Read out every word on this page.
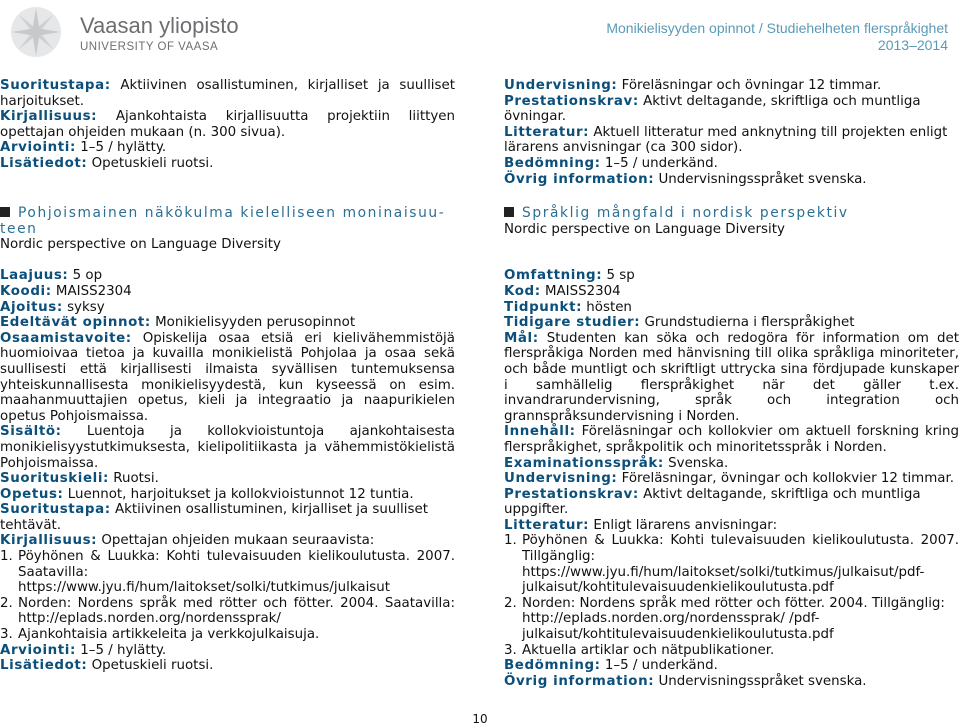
Vaasan yliopisto
UNIVERSITY OF VAASA
Monikielisyyden opinnot / Studiehelheten flerspråkighet
2013–2014

Suoritustapa: Aktiivinen osallistuminen, kirjalliset ja suulliset harjoitukset.

Kirjallisuus: Ajankohtaista kirjallisuutta projektiin liittyen opettajan ohjeiden mukaan (n. 300 sivua).

Arviointi: 1–5 / hylätty.

Lisätiedot: Opetuskieli ruotsi.

Undervisning: Föreläsningar och övningar 12 timmar.

Prestationskrav: Aktivt deltagande, skriftliga och muntliga övningar.

Litteratur: Aktuell litteratur med anknytning till projekten enligt lärarens anvisningar (ca 300 sidor).

Bedömning: 1–5 / underkänd.

Övrig information: Undervisningsspråket svenska.

Pohjoismainen näkökulma kielelliseen moninaisuu-teen

Nordic perspective on Language Diversity

Laajuus: 5 op

Koodi: MAISS2304

Ajoitus: syksy

Edeltävät opinnot: Monikielisyyden perusopinnot

Osaamistavoite: Opiskelija osaa etsiä eri kielivähemmistöjä huomioivaa tietoa ja kuvailla monikielistä Pohjolaa ja osaa sekä suullisesti että kirjallisesti ilmaista syvällisen tuntemuksensa yhteiskunnallisesta monikielisyydestä, kun kyseessä on esim. maahanmuuttajien opetus, kieli ja integraatio ja naapurikielen opetus Pohjoismaissa.

Sisältö: Luentoja ja kollokvioistuntoja ajankohtaisesta monikielisyystutkimuksesta, kielipolitiikasta ja vähemmistökielistä Pohjoismaissa.

Suorituskieli: Ruotsi.

Opetus: Luennot, harjoitukset ja kollokvioistunnot 12 tuntia.

Suoritustapa: Aktiivinen osallistuminen, kirjalliset ja suulliset tehtävät.

Kirjallisuus: Opettajan ohjeiden mukaan seuraavista:

1. Pöyhönen & Luukka: Kohti tulevaisuuden kielikoulutusta. 2007. Saatavilla: https://www.jyu.fi/hum/laitokset/solki/tutkimus/julkaisut
2. Norden: Nordens språk med rötter och fötter. 2004. Saatavilla: http://eplads.norden.org/nordenssprak/
3. Ajankohtaisia artikkeleita ja verkkojulkaisuja.

Arviointi: 1–5 / hylätty.

Lisätiedot: Opetuskieli ruotsi.

Språklig mångfald i nordisk perspektiv

Nordic perspective on Language Diversity

Omfattning: 5 sp

Kod: MAISS2304

Tidpunkt: hösten

Tidigare studier: Grundstudierna i flerspråkighet

Mål: Studenten kan söka och redogöra för information om det flerspråkiga Norden med hänvisning till olika språkliga minoriteter, och både muntligt och skriftligt uttrycka sina fördjupade kunskaper i samhällelig flerspråkighet när det gäller t.ex. invandrarundervisning, språk och integration och grannspråksundervisning i Norden.

Innehåll: Föreläsningar och kollokvier om aktuell forskning kring flerspråkighet, språkpolitik och minoritetsspråk i Norden.

Examinationsspråk: Svenska.

Undervisning: Föreläsningar, övningar och kollokvier 12 timmar.

Prestationskrav: Aktivt deltagande, skriftliga och muntliga uppgifter.

Litteratur: Enligt lärarens anvisningar:

1. Pöyhönen & Luukka: Kohti tulevaisuuden kielikoulutusta. 2007. Tillgänglig: https://www.jyu.fi/hum/laitokset/solki/tutkimus/julkaisut/pdf-julkaisut/kohtitulevaisuudenkielikoulutusta.pdf
2. Norden: Nordens språk med rötter och fötter. 2004. Tillgänglig: http://eplads.norden.org/nordenssprak/ /pdf-julkaisut/kohtitulevaisuudenkielikoulutusta.pdf
3. Aktuella artiklar och nätpublikationer.

Bedömning: 1–5 / underkänd.

Övrig information: Undervisningsspråket svenska.

10
